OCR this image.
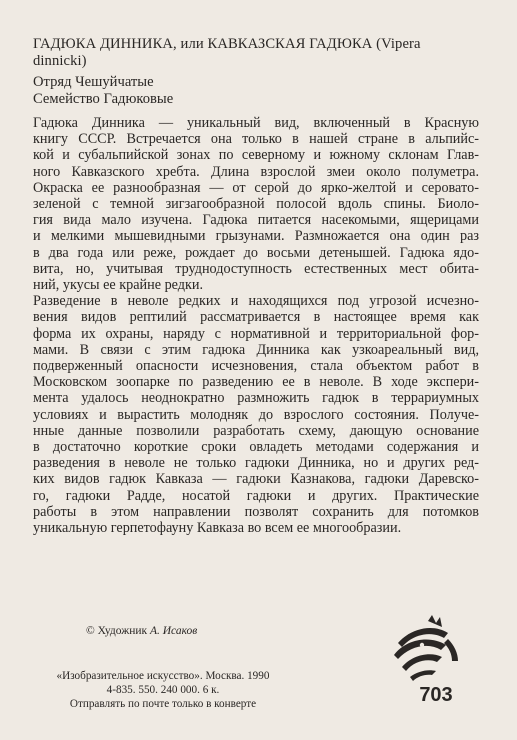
ГАДЮКА ДИННИКА, или КАВКАЗСКАЯ ГАДЮКА (Vipera
dinnicki)

Отряд Чешуйчатые

Семейство Гадюковые

Гадюка Динника — уникальный вид, включенный в Красную
книгу СССР. Встречается она только в нашей стране в альпийс-
кой и субальпийской зонах по северному и южному склонам Глав-
ного Кавказского хребта. Длина взрослой змеи около полуметра.
Окраска ее разнообразная — от серой до ярко-желтой и сероватo-
зеленой с темной зигзагообразной полосой вдоль спины. Биоло-
гия вида мало изучена. Гадюка питается насекомыми, ящерицами
и мелкими мышевидными грызунами. Размножается она один раз
в два года или реже, рождает до восьми детенышей. Гадюка ядо-
вита, но, учитывая труднодоступность естественных мест обита-
ний, укусы ее крайне редки.
Разведение в неволе редких и находящихся под угрозой исчезно-
вения видов рептилий рассматривается в настоящее время как
форма их охраны, наряду с нормативной и территориальной фор-
мами. В связи с этим гадюка Динника как узкоареальный вид,
подверженный опасности исчезновения, стала объектом работ в
Московском зоопарке по разведению ее в неволе. В ходе экспери-
мента удалось неоднократно размножить гадюк в террариумных
условиях и вырастить молодняк до взрослого состояния. Получе-
нные данные позволили разработать схему, дающую основание
в достаточно короткие сроки овладеть методами содержания и
разведения в неволе не только гадюки Динника, но и других ред-
ких видов гадюк Кавказа — гадюки Казнакова, гадюки Даревско-
го, гадюки Радде, носатой гадюки и других. Практические
работы в этом направлении позволят сохранить для потомков
уникальную герпетофауну Кавказа во всем ее многообразии.
© Художник А. Исаков
«Изобразительное искусство». Москва. 1990
4-835. 550. 240 000. 6 к.
Отправлять по почте только в конверте	703
